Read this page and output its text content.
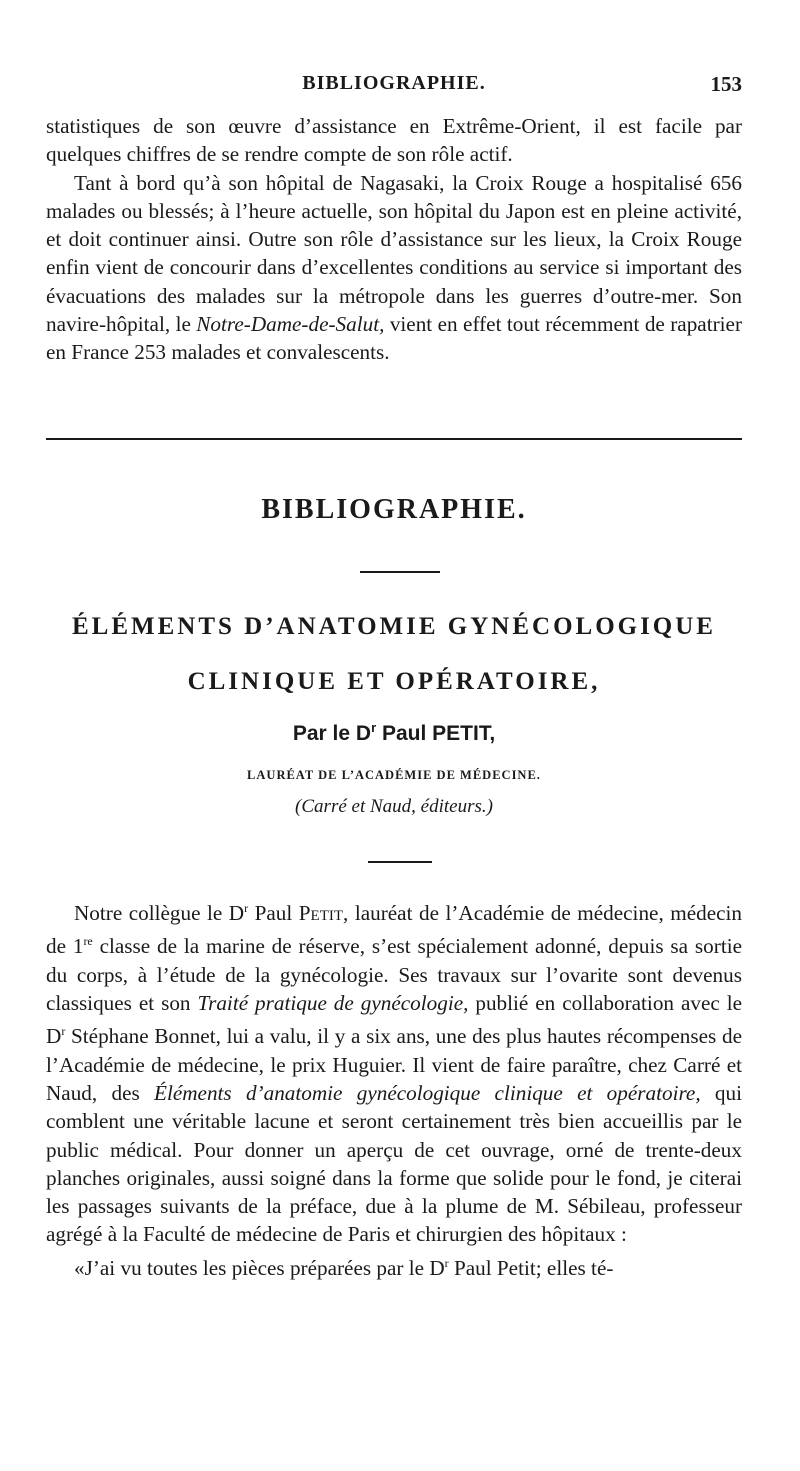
BIBLIOGRAPHIE.	153

statistiques de son œuvre d’assistance en Extrême-Orient, il est facile par quelques chiffres de se rendre compte de son rôle actif.

Tant à bord qu’à son hôpital de Nagasaki, la Croix Rouge a hospitalisé 656 malades ou blessés; à l’heure actuelle, son hôpital du Japon est en pleine activité, et doit continuer ainsi. Outre son rôle d’assistance sur les lieux, la Croix Rouge enfin vient de concourir dans d’excellentes conditions au service si important des évacuations des malades sur la métropole dans les guerres d’outre-mer. Son navire-hôpital, le Notre-Dame-de-Salut, vient en effet tout récemment de rapatrier en France 253 malades et convalescents.

BIBLIOGRAPHIE.
ÉLÉMENTS D’ANATOMIE GYNÉCOLOGIQUE
CLINIQUE ET OPÉRATOIRE,
Par le $D^r$ Paul PETIT,
LAURÉAT DE L’ACADÉMIE DE MÉDECINE.
(Carré et Naud, éditeurs.)

Notre collègue le $D^r$ Paul Petit, lauréat de l’Académie de médecine, médecin de 1re classe de la marine de réserve, s’est spécialement adonné, depuis sa sortie du corps, à l’étude de la gynécologie. Ses travaux sur l’ovarite sont devenus classiques et son Traité pratique de gynécologie, publié en collaboration avec le $D^r$ Stéphane Bonnet, lui a valu, il y a six ans, une des plus hautes récompenses de l’Académie de médecine, le prix Huguier. Il vient de faire paraître, chez Carré et Naud, des Éléments d’anatomie gynécologique clinique et opératoire, qui comblent une véritable lacune et seront certainement très bien accueillis par le public médical. Pour donner un aperçu de cet ouvrage, orné de trente-deux planches originales, aussi soigné dans la forme que solide pour le fond, je citerai les passages suivants de la préface, due à la plume de M. Sébileau, professeur agrégé à la Faculté de médecine de Paris et chirurgien des hôpitaux :

«J’ai vu toutes les pièces préparées par le $D^r$ Paul Petit; elles té-
